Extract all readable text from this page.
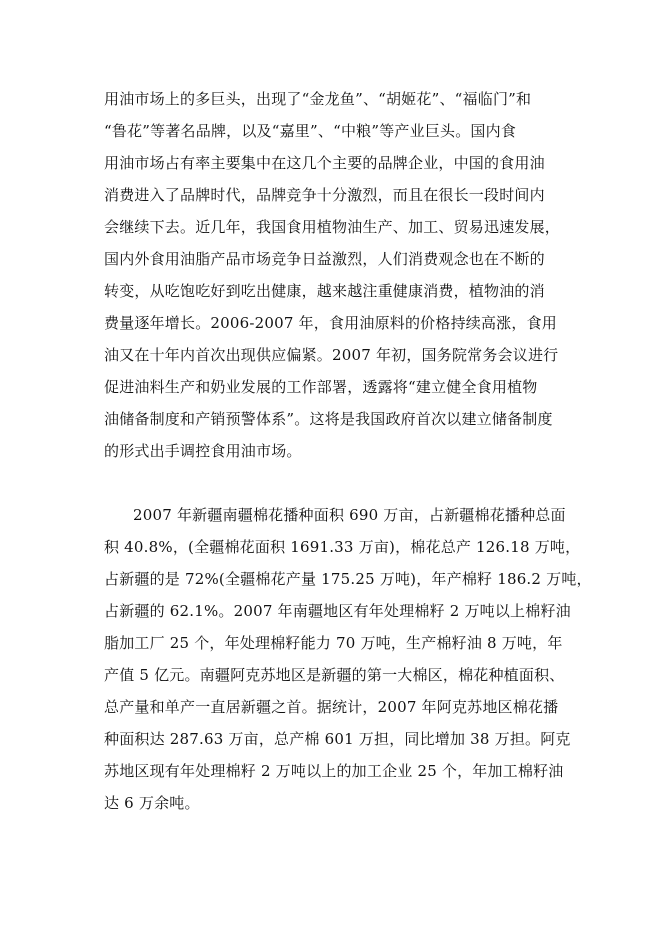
用油市场上的多巨头，出现了“金龙鱼”、“胡姬花”、“福临门”和
“鲁花”等著名品牌，以及“嘉里”、“中粮”等产业巨头。国内食
用油市场占有率主要集中在这几个主要的品牌企业，中国的食用油
消费进入了品牌时代，品牌竞争十分激烈，而且在很长一段时间内
会继续下去。近几年，我国食用植物油生产、加工、贸易迅速发展，
国内外食用油脂产品市场竞争日益激烈，人们消费观念也在不断的
转变，从吃饱吃好到吃出健康，越来越注重健康消费，植物油的消
费量逐年增长。2006-2007 年，食用油原料的价格持续高涨，食用
油又在十年内首次出现供应偏紧。2007 年初，国务院常务会议进行
促进油料生产和奶业发展的工作部署，透露将“建立健全食用植物
油储备制度和产销预警体系”。这将是我国政府首次以建立储备制度
的形式出手调控食用油市场。
2007 年新疆南疆棉花播种面积 690 万亩，占新疆棉花播种总面
积 40.8%，(全疆棉花面积 1691.33 万亩)，棉花总产 126.18 万吨，
占新疆的是 72%(全疆棉花产量 175.25 万吨)，年产棉籽 186.2 万吨，
占新疆的 62.1%。2007 年南疆地区有年处理棉籽 2 万吨以上棉籽油
脂加工厂 25 个，年处理棉籽能力 70 万吨，生产棉籽油 8 万吨，年
产值 5 亿元。南疆阿克苏地区是新疆的第一大棉区，棉花种植面积、
总产量和单产一直居新疆之首。据统计，2007 年阿克苏地区棉花播
种面积达 287.63 万亩，总产棉 601 万担，同比增加 38 万担。阿克
苏地区现有年处理棉籽 2 万吨以上的加工企业 25 个，年加工棉籽油
达 6 万余吨。
